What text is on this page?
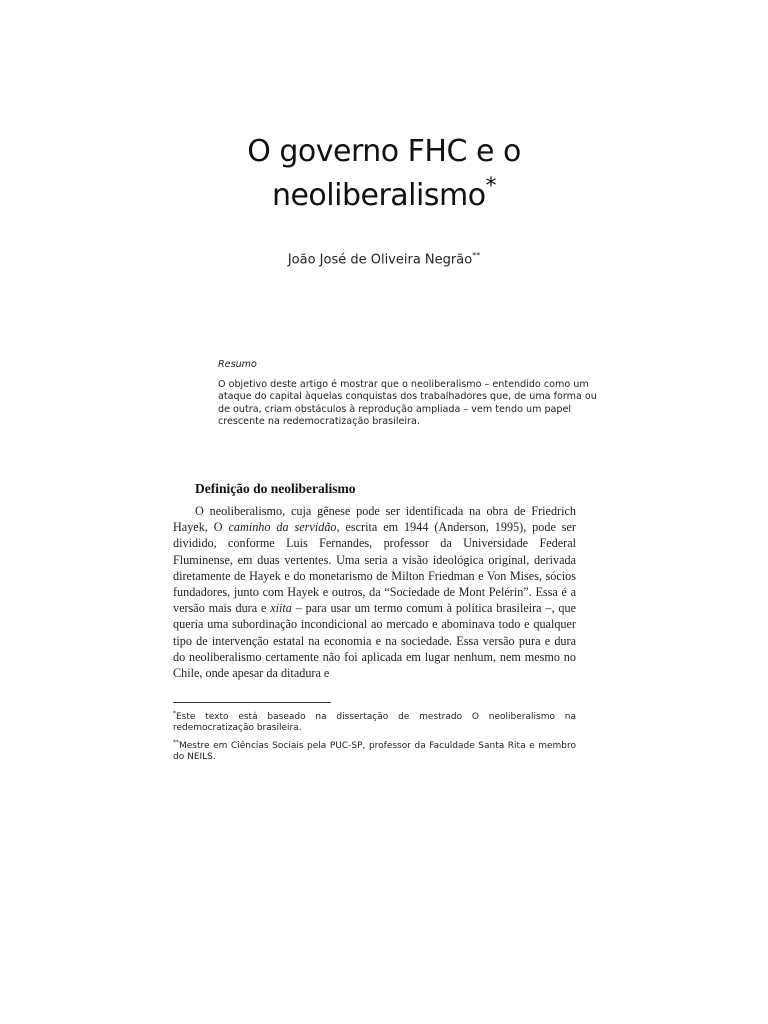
O governo FHC e o
neoliberalismo*
João José de Oliveira Negrão**
Resumo
O objetivo deste artigo é mostrar que o neoliberalismo – entendido como um ataque do capital àquelas conquistas dos trabalhadores que, de uma forma ou de outra, criam obstáculos à reprodução ampliada – vem tendo um papel crescente na redemocratização brasileira.
Definição do neoliberalismo

O neoliberalismo, cuja gênese pode ser identificada na obra de Friedrich Hayek, O caminho da servidão, escrita em 1944 (Anderson, 1995), pode ser dividido, conforme Luis Fernandes, professor da Universidade Federal Fluminense, em duas vertentes. Uma seria a visão ideológica original, derivada diretamente de Hayek e do monetarismo de Milton Friedman e Von Mises, sócios fundadores, junto com Hayek e outros, da “Sociedade de Mont Pelérin”. Essa é a versão mais dura e xiita – para usar um termo comum à política brasileira –, que queria uma subordinação incondicional ao mercado e abominava todo e qualquer tipo de intervenção estatal na economia e na sociedade. Essa versão pura e dura do neoliberalismo certamente não foi aplicada em lugar nenhum, nem mesmo no Chile, onde apesar da ditadura e

*Este texto está baseado na dissertação de mestrado O neoliberalismo na redemocratização brasileira.

**Mestre em Ciências Sociais pela PUC-SP, professor da Faculdade Santa Rita e membro do NEILS.
